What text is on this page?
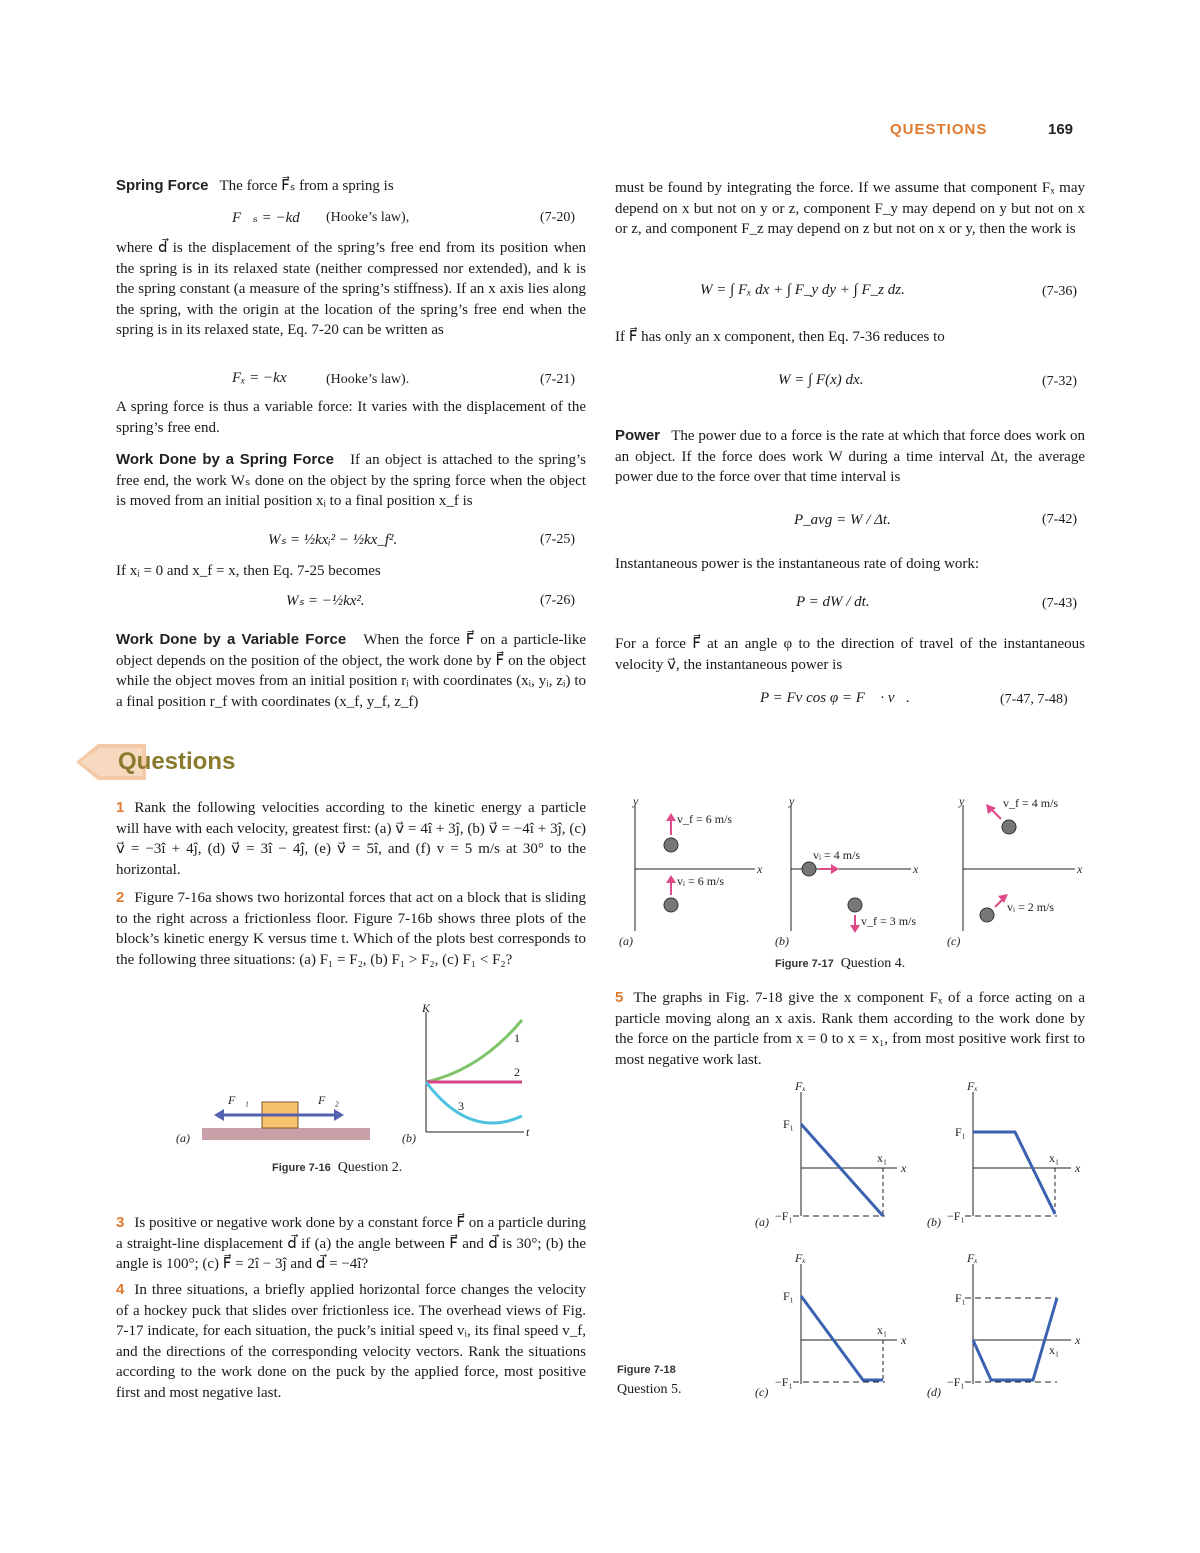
QUESTIONS	169
Spring Force The force F⃗ₛ from a spring is
F⃗ₛ = −kd⃗ (Hooke’s law),	(7-20)
where d⃗ is the displacement of the spring’s free end from its position when the spring is in its relaxed state (neither compressed nor extended), and k is the spring constant (a measure of the spring’s stiffness). If an x axis lies along the spring, with the origin at the location of the spring’s free end when the spring is in its relaxed state, Eq. 7-20 can be written as
Fₓ = −kx	(Hooke’s law).	(7-21)
A spring force is thus a variable force: It varies with the displacement of the spring’s free end.
Work Done by a Spring Force If an object is attached to the spring’s free end, the work Wₛ done on the object by the spring force when the object is moved from an initial position xᵢ to a final position x_f is
Wₛ = ½kxᵢ² − ½kx_f².	(7-25)
If xᵢ = 0 and x_f = x, then Eq. 7-25 becomes
Wₛ = −½kx².	(7-26)
Work Done by a Variable Force When the force F⃗ on a particle-like object depends on the position of the object, the work done by F⃗ on the object while the object moves from an initial position rᵢ with coordinates (xᵢ, yᵢ, zᵢ) to a final position r_f with coordinates (x_f, y_f, z_f)
must be found by integrating the force. If we assume that component Fₓ may depend on x but not on y or z, component F_y may depend on y but not on x or z, and component F_z may depend on z but not on x or y, then the work is
W = ∫ Fₓ dx + ∫ F_y dy + ∫ F_z dz.	(7-36)
If F⃗ has only an x component, then Eq. 7-36 reduces to
W = ∫ F(x) dx.	(7-32)
Power The power due to a force is the rate at which that force does work on an object. If the force does work W during a time interval Δt, the average power due to the force over that time interval is
P_avg = W / Δt.	(7-42)
Instantaneous power is the instantaneous rate of doing work:
P = dW / dt.	(7-43)
For a force F⃗ at an angle φ to the direction of travel of the instantaneous velocity v⃗, the instantaneous power is
P = Fv cos φ = F⃗ · v⃗.	(7-47, 7-48)
Questions
1 Rank the following velocities according to the kinetic energy a particle will have with each velocity, greatest first: (a) v⃗ = 4î + 3ĵ, (b) v⃗ = −4î + 3ĵ, (c) v⃗ = −3î + 4ĵ, (d) v⃗ = 3î − 4ĵ, (e) v⃗ = 5î, and (f) v = 5 m/s at 30° to the horizontal.
2 Figure 7-16a shows two horizontal forces that act on a block that is sliding to the right across a frictionless floor. Figure 7-16b shows three plots of the block’s kinetic energy K versus time t. Which of the plots best corresponds to the following three situations: (a) F₁ = F₂, (b) F₁ > F₂, (c) F₁ < F₂?
(a)
F⃗₁	F⃗₂
(b)
K
t
1
2
3
Figure 7-16 Question 2.
3 Is positive or negative work done by a constant force F⃗ on a particle during a straight-line displacement d⃗ if (a) the angle between F⃗ and d⃗ is 30°; (b) the angle is 100°; (c) F⃗ = 2î − 3ĵ and d⃗ = −4î?
4 In three situations, a briefly applied horizontal force changes the velocity of a hockey puck that slides over frictionless ice. The overhead views of Fig. 7-17 indicate, for each situation, the puck’s initial speed vᵢ, its final speed v_f, and the directions of the corresponding velocity vectors. Rank the situations according to the work done on the puck by the applied force, most positive first and most negative last.
y
x
v_f = 6 m/s
vᵢ = 6 m/s
(a)
y
x
vᵢ = 4 m/s
v_f = 3 m/s
(b)
y
x
v_f = 4 m/s
vᵢ = 2 m/s
(c)
Figure 7-17 Question 4.
5 The graphs in Fig. 7-18 give the x component Fₓ of a force acting on a particle moving along an x axis. Rank them according to the work done by the force on the particle from x = 0 to x = x₁, from most positive work first to most negative work last.
Fₓ
F₁
−F₁
x₁
x
(a)
Fₓ
F₁
−F₁
x₁
x
(b)
Fₓ
F₁
−F₁
x₁
x
(c)
Fₓ
F₁
−F₁
x₁
x
(d)
Figure 7-18
Question 5.
